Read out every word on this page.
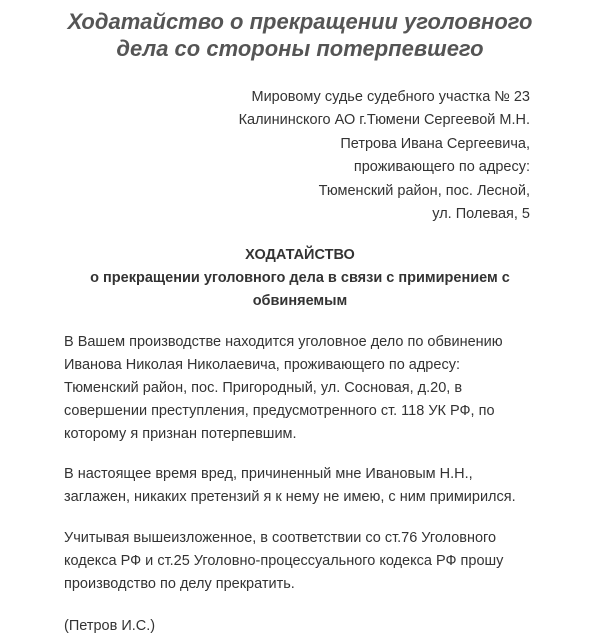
Ходатайство о прекращении уголовного
дела со стороны потерпевшего
Мировому судье судебного участка № 23
Калининского АО г.Тюмени Сергеевой М.Н.
Петрова Ивана Сергеевича,
проживающего по адресу:
Тюменский район, пос. Лесной,
ул. Полевая, 5
ХОДАТАЙСТВО
о прекращении уголовного дела в связи с примирением с
обвиняемым
В Вашем производстве находится уголовное дело по обвинению
Иванова Николая Николаевича, проживающего по адресу:
Тюменский район, пос. Пригородный, ул. Сосновая, д.20, в
совершении преступления, предусмотренного ст. 118 УК РФ, по
которому я признан потерпевшим.
В настоящее время вред, причиненный мне Ивановым Н.Н.,
заглажен, никаких претензий я к нему не имею, с ним примирился.
Учитывая вышеизложенное, в соответствии со ст.76 Уголовного
кодекса РФ и ст.25 Уголовно-процессуального кодекса РФ прошу
производство по делу прекратить.
(Петров И.С.)
